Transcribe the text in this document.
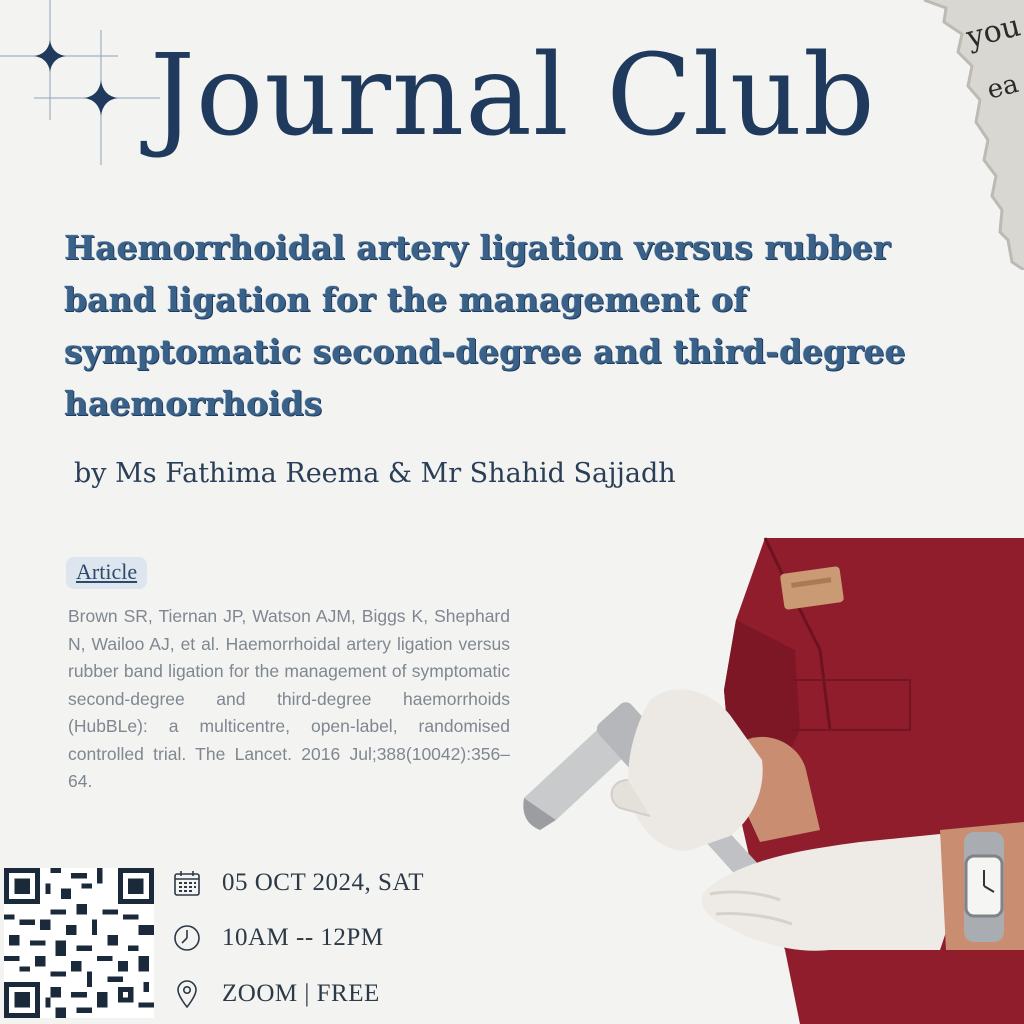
you
ea
Journal Club

Haemorrhoidal artery ligation versus rubber band ligation for the management of symptomatic second-degree and third-degree haemorrhoids

by Ms Fathima Reema & Mr Shahid Sajjadh
Article
Brown SR, Tiernan JP, Watson AJM, Biggs K, Shephard N, Wailoo AJ, et al. Haemorrhoidal artery ligation versus rubber band ligation for the management of symptomatic second-degree and third-degree haemorrhoids (HubBLe): a multicentre, open-label, randomised controlled trial. The Lancet. 2016 Jul;388(10042):356–64.
05 OCT 2024, SAT
10AM -- 12PM
ZOOM | FREE
